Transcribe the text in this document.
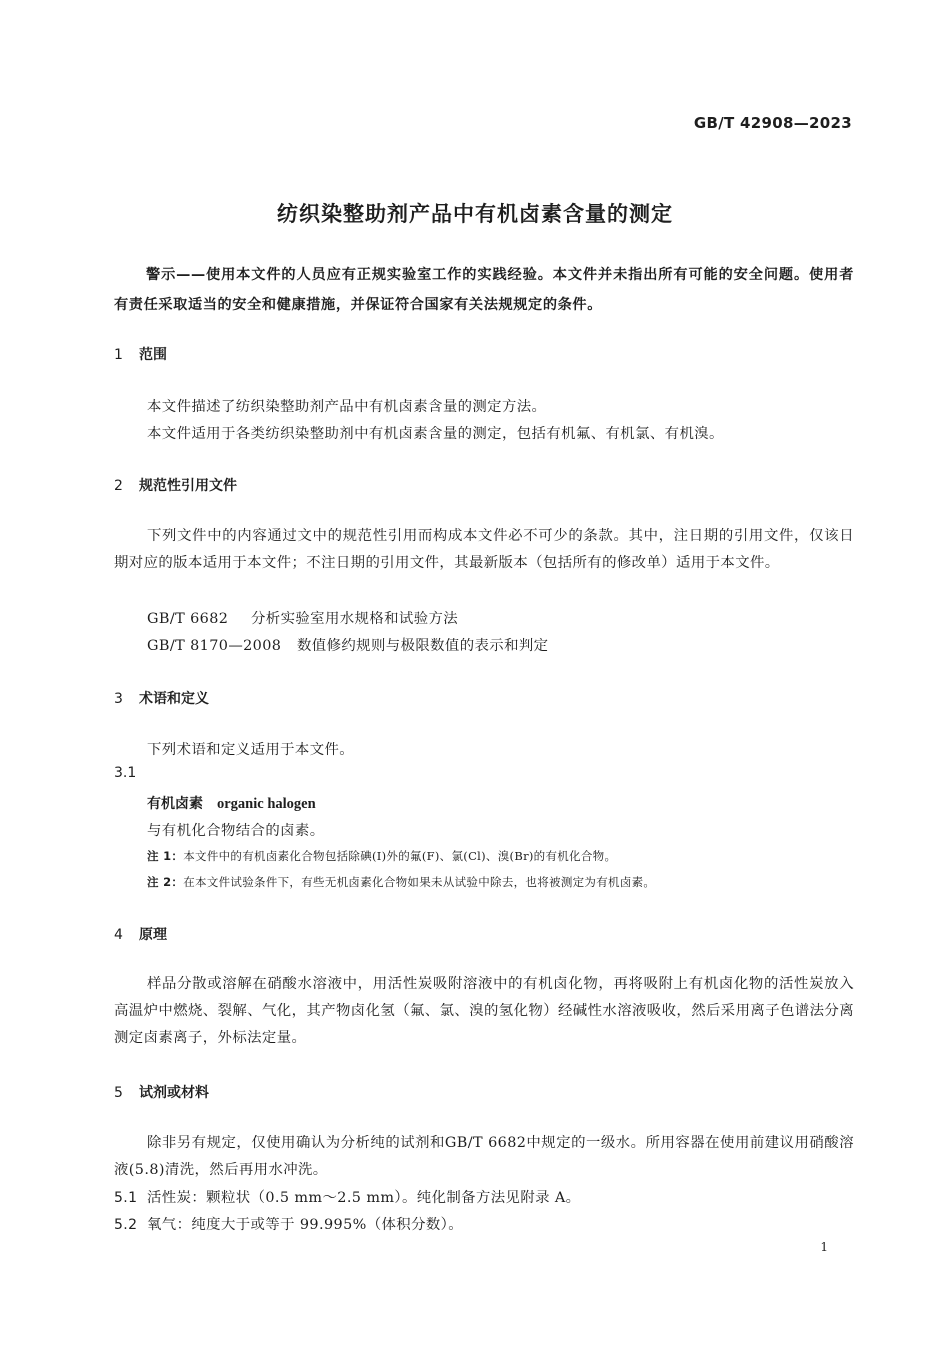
GB/T 42908—2023
纺织染整助剂产品中有机卤素含量的测定
警示——使用本文件的人员应有正规实验室工作的实践经验。本文件并未指出所有可能的安全问题。使用者有责任采取适当的安全和健康措施，并保证符合国家有关法规规定的条件。
1 范围
本文件描述了纺织染整助剂产品中有机卤素含量的测定方法。
本文件适用于各类纺织染整助剂中有机卤素含量的测定，包括有机氟、有机氯、有机溴。
2 规范性引用文件
下列文件中的内容通过文中的规范性引用而构成本文件必不可少的条款。其中，注日期的引用文件，仅该日期对应的版本适用于本文件；不注日期的引用文件，其最新版本（包括所有的修改单）适用于本文件。
GB/T 6682 分析实验室用水规格和试验方法
GB/T 8170—2008 数值修约规则与极限数值的表示和判定
3 术语和定义
下列术语和定义适用于本文件。
3.1
有机卤素 organic halogen
与有机化合物结合的卤素。
注 1：本文件中的有机卤素化合物包括除碘(I)外的氟(F)、氯(Cl)、溴(Br)的有机化合物。
注 2：在本文件试验条件下，有些无机卤素化合物如果未从试验中除去，也将被测定为有机卤素。
4 原理
样品分散或溶解在硝酸水溶液中，用活性炭吸附溶液中的有机卤化物，再将吸附上有机卤化物的活性炭放入高温炉中燃烧、裂解、气化，其产物卤化氢（氟、氯、溴的氢化物）经碱性水溶液吸收，然后采用离子色谱法分离测定卤素离子，外标法定量。
5 试剂或材料
除非另有规定，仅使用确认为分析纯的试剂和GB/T 6682中规定的一级水。所用容器在使用前建议用硝酸溶液(5.8)清洗，然后再用水冲洗。
5.1 活性炭：颗粒状（0.5 mm～2.5 mm）。纯化制备方法见附录 A。
5.2 氧气：纯度大于或等于 99.995%（体积分数）。
1
